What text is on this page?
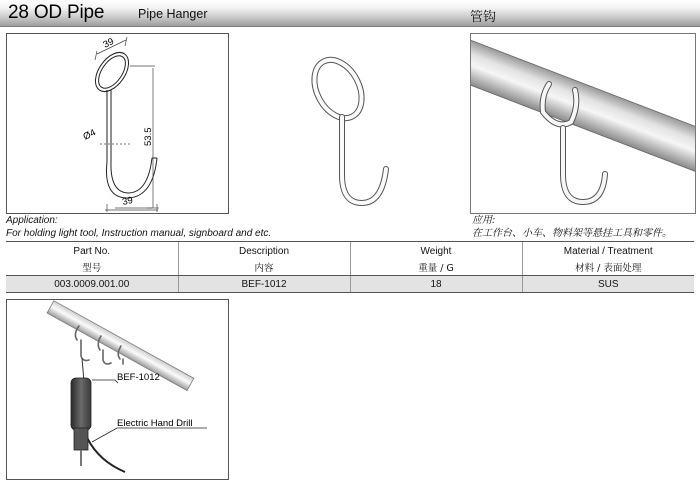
28 OD Pipe	Pipe Hanger	管钩
39
53.5
Ø4
39
Application:
For holding light tool, Instruction manual, signboard and etc.
应用:
在工作台、小车、物料架等悬挂工具和零件。
Part No.	Description	Weight	Material / Treatment
型号	内容	重量 / G	材料 / 表面处理
003.0009.001.00	BEF-1012	18	SUS
BEF-1012
Electric Hand Drill
